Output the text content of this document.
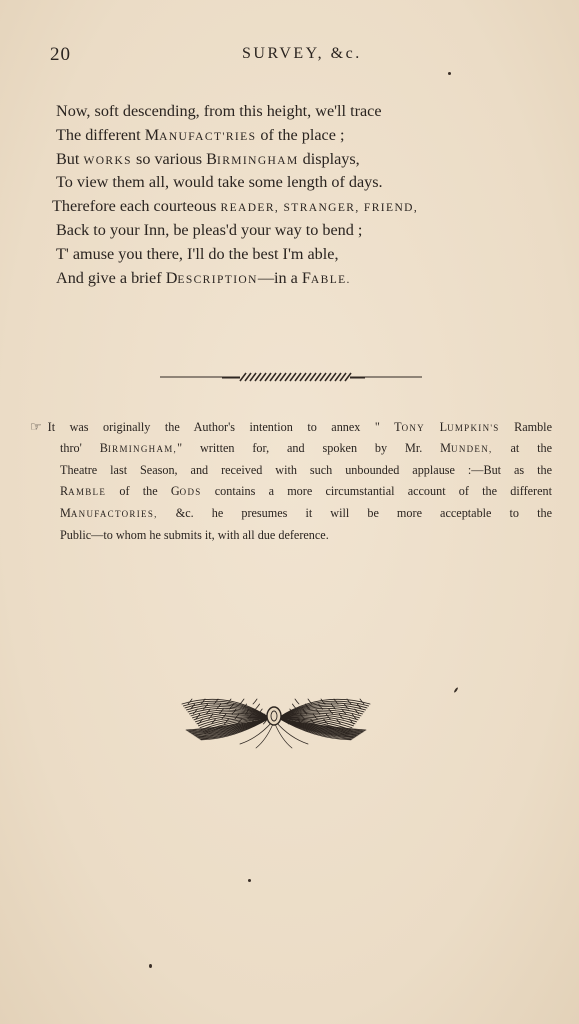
20	SURVEY, &c.
Now, soft descending, from this height, we'll trace
The different MANUFACT'RIES of the place ;
But WORKS so various BIRMINGHAM displays,
To view them all, would take some length of days.
Therefore each courteous READER, STRANGER, FRIEND,
Back to your Inn, be pleas'd your way to bend ;
T' amuse you there, I'll do the best I'm able,
And give a brief DESCRIPTION—in a FABLE.
☞ It was originally the Author's intention to annex " TONY LUMPKIN'S Ramble
thro' BIRMINGHAM," written for, and spoken by Mr. MUNDEN, at the
Theatre last Season, and received with such unbounded applause :—But as the
RAMBLE of the GODS contains a more circumstantial account of the different
MANUFACTORIES, &c. he presumes it will be more acceptable to the
Public—to whom he submits it, with all due deference.
